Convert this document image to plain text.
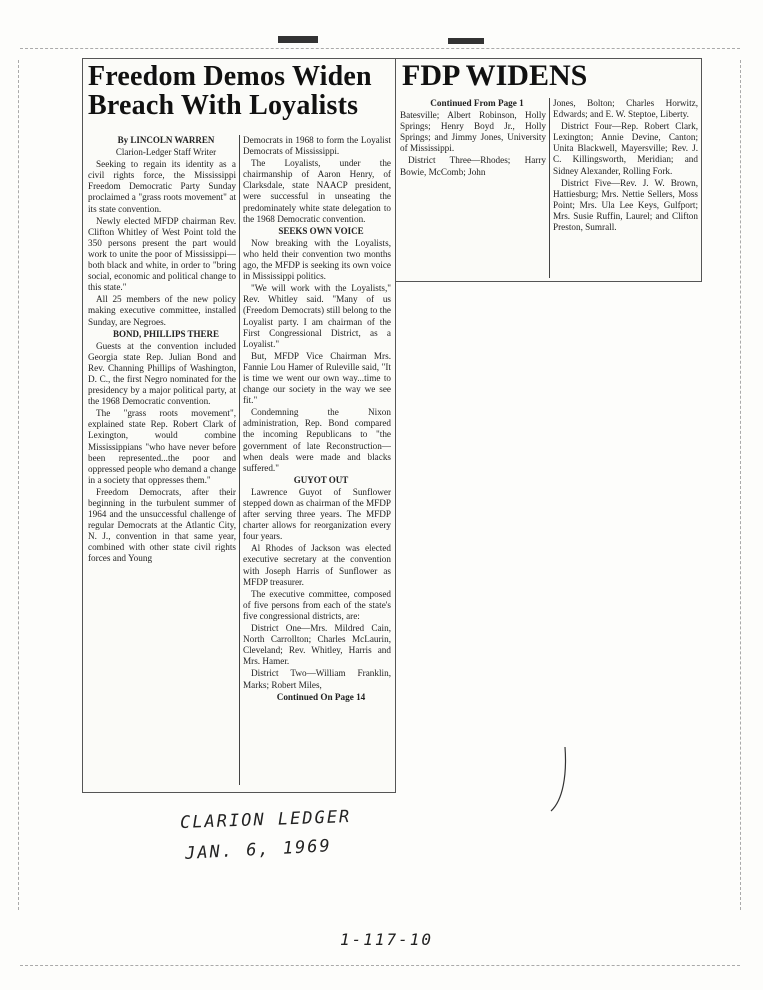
Freedom Demos Widen Breach With Loyalists

By LINCOLN WARREN

Clarion-Ledger Staff Writer

Seeking to regain its identity as a civil rights force, the Mississippi Freedom Democratic Party Sunday proclaimed a "grass roots movement" at its state convention.

Newly elected MFDP chairman Rev. Clifton Whitley of West Point told the 350 persons present the part would work to unite the poor of Mississippi—both black and white, in order to "bring social, economic and political change to this state."

All 25 members of the new policy making executive committee, installed Sunday, are Negroes.

BOND, PHILLIPS THERE

Guests at the convention included Georgia state Rep. Julian Bond and Rev. Channing Phillips of Washington, D. C., the first Negro nominated for the presidency by a major political party, at the 1968 Democratic convention.

The "grass roots movement", explained state Rep. Robert Clark of Lexington, would combine Mississippians "who have never before been represented...the poor and oppressed people who demand a change in a society that oppresses them."

Freedom Democrats, after their beginning in the turbulent summer of 1964 and the unsuccessful challenge of regular Democrats at the Atlantic City, N. J., convention in that same year, combined with other state civil rights forces and Young

Democrats in 1968 to form the Loyalist Democrats of Mississippi.

The Loyalists, under the chairmanship of Aaron Henry, of Clarksdale, state NAACP president, were successful in unseating the predominately white state delegation to the 1968 Democratic convention.

SEEKS OWN VOICE

Now breaking with the Loyalists, who held their convention two months ago, the MFDP is seeking its own voice in Mississippi politics.

"We will work with the Loyalists," Rev. Whitley said. "Many of us (Freedom Democrats) still belong to the Loyalist party. I am chairman of the First Congressional District, as a Loyalist."

But, MFDP Vice Chairman Mrs. Fannie Lou Hamer of Ruleville said, "It is time we went our own way...time to change our society in the way we see fit."

Condemning the Nixon administration, Rep. Bond compared the incoming Republicans to "the government of late Reconstruction—when deals were made and blacks suffered."

GUYOT OUT

Lawrence Guyot of Sunflower stepped down as chairman of the MFDP after serving three years. The MFDP charter allows for reorganization every four years.

Al Rhodes of Jackson was elected executive secretary at the convention with Joseph Harris of Sunflower as MFDP treasurer.

The executive committee, composed of five persons from each of the state's five congressional districts, are:

District One—Mrs. Mildred Cain, North Carrollton; Charles McLaurin, Cleveland; Rev. Whitley, Harris and Mrs. Hamer.

District Two—William Franklin, Marks; Robert Miles,

Continued On Page 14

FDP WIDENS

Continued From Page 1

Batesville; Albert Robinson, Holly Springs; Henry Boyd Jr., Holly Springs; and Jimmy Jones, University of Mississippi.

District Three—Rhodes; Harry Bowie, McComb; John

Jones, Bolton; Charles Horwitz, Edwards; and E. W. Steptoe, Liberty.

District Four—Rep. Robert Clark, Lexington; Annie Devine, Canton; Unita Blackwell, Mayersville; Rev. J. C. Killingsworth, Meridian; and Sidney Alexander, Rolling Fork.

District Five—Rev. J. W. Brown, Hattiesburg; Mrs. Nettie Sellers, Moss Point; Mrs. Ula Lee Keys, Gulfport; Mrs. Susie Ruffin, Laurel; and Clifton Preston, Sumrall.

CLARION LEDGER
JAN. 6, 1969
1-117-10
